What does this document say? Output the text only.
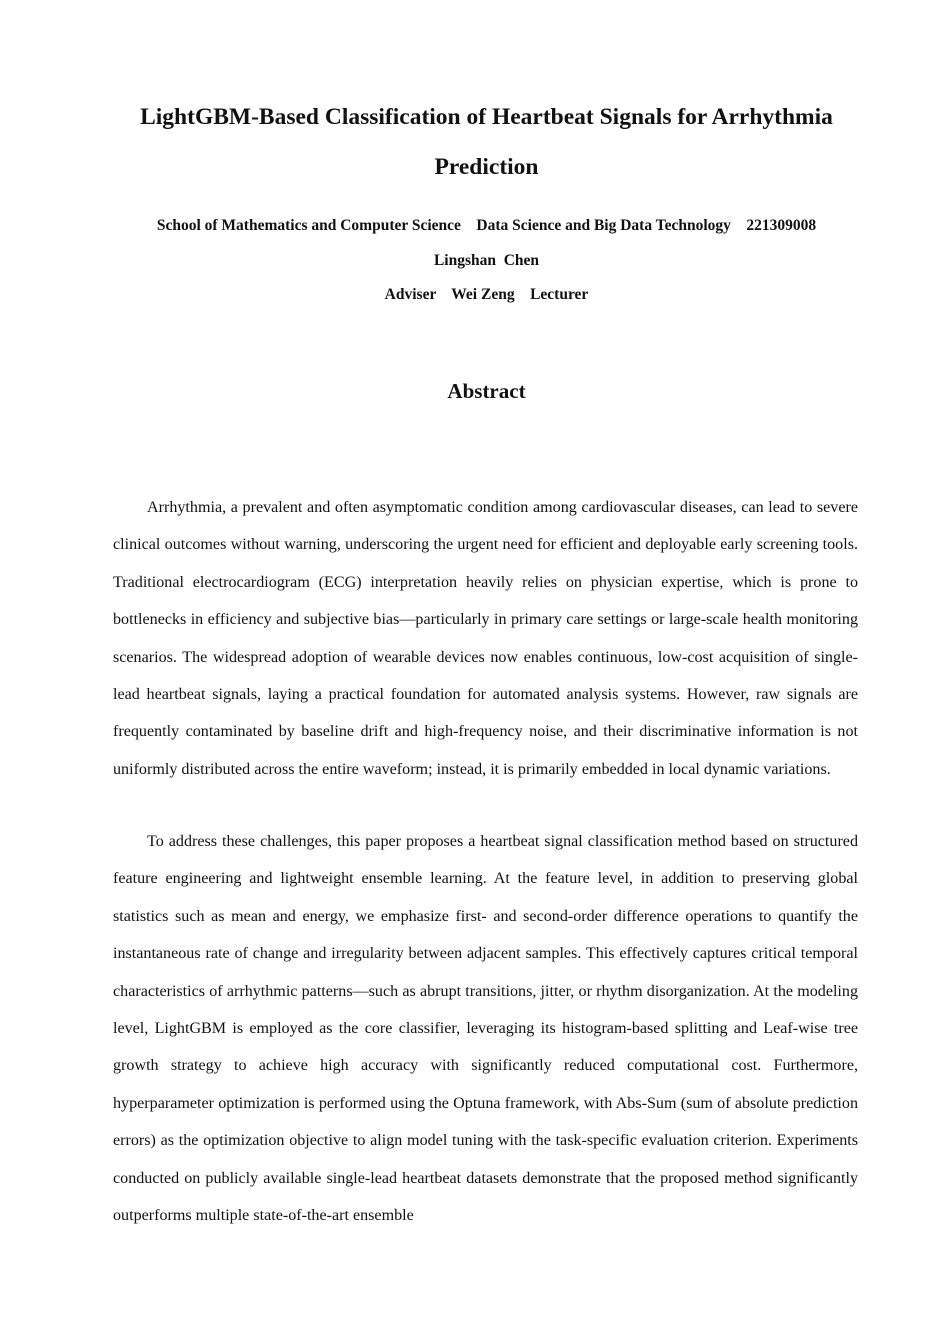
LightGBM-Based Classification of Heartbeat Signals for Arrhythmia
Prediction
School of Mathematics and Computer Science    Data Science and Big Data Technology    221309008
Lingshan  Chen
Adviser    Wei Zeng    Lecturer
Abstract

Arrhythmia, a prevalent and often asymptomatic condition among cardiovascular diseases, can lead to severe clinical outcomes without warning, underscoring the urgent need for efficient and deployable early screening tools. Traditional electrocardiogram (ECG) interpretation heavily relies on physician expertise, which is prone to bottlenecks in efficiency and subjective bias—particularly in primary care settings or large-scale health monitoring scenarios. The widespread adoption of wearable devices now enables continuous, low-cost acquisition of single-lead heartbeat signals, laying a practical foundation for automated analysis systems. However, raw signals are frequently contaminated by baseline drift and high-frequency noise, and their discriminative information is not uniformly distributed across the entire waveform; instead, it is primarily embedded in local dynamic variations.

To address these challenges, this paper proposes a heartbeat signal classification method based on structured feature engineering and lightweight ensemble learning. At the feature level, in addition to preserving global statistics such as mean and energy, we emphasize first- and second-order difference operations to quantify the instantaneous rate of change and irregularity between adjacent samples. This effectively captures critical temporal characteristics of arrhythmic patterns—such as abrupt transitions, jitter, or rhythm disorganization. At the modeling level, LightGBM is employed as the core classifier, leveraging its histogram-based splitting and Leaf-wise tree growth strategy to achieve high accuracy with significantly reduced computational cost. Furthermore, hyperparameter optimization is performed using the Optuna framework, with Abs-Sum (sum of absolute prediction errors) as the optimization objective to align model tuning with the task-specific evaluation criterion. Experiments conducted on publicly available single-lead heartbeat datasets demonstrate that the proposed method significantly outperforms multiple state-of-the-art ensemble
